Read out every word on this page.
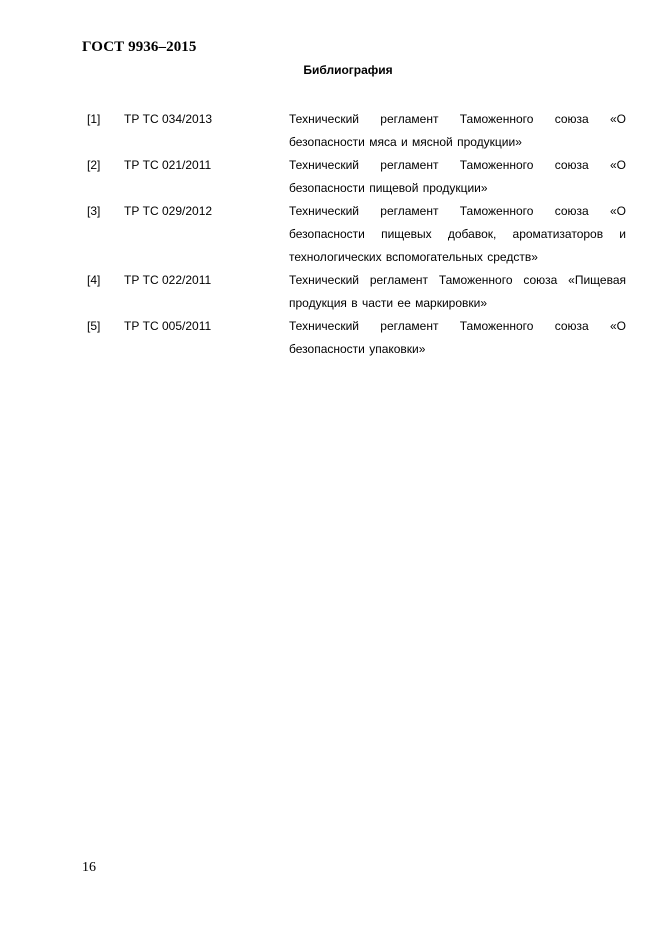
ГОСТ 9936–2015
Библиография
[1] ТР ТС 034/2013	Технический регламент Таможенного союза «О безопасности мяса и мясной продукции»
[2] ТР ТС 021/2011	Технический регламент Таможенного союза «О безопасности пищевой продукции»
[3] ТР ТС 029/2012	Технический регламент Таможенного союза «О безопасности пищевых добавок, ароматизаторов и технологических вспомогательных средств»
[4] ТР ТС 022/2011	Технический регламент Таможенного союза «Пищевая продукция в части ее маркировки»
[5] ТР ТС 005/2011	Технический регламент Таможенного союза «О безопасности упаковки»
16
